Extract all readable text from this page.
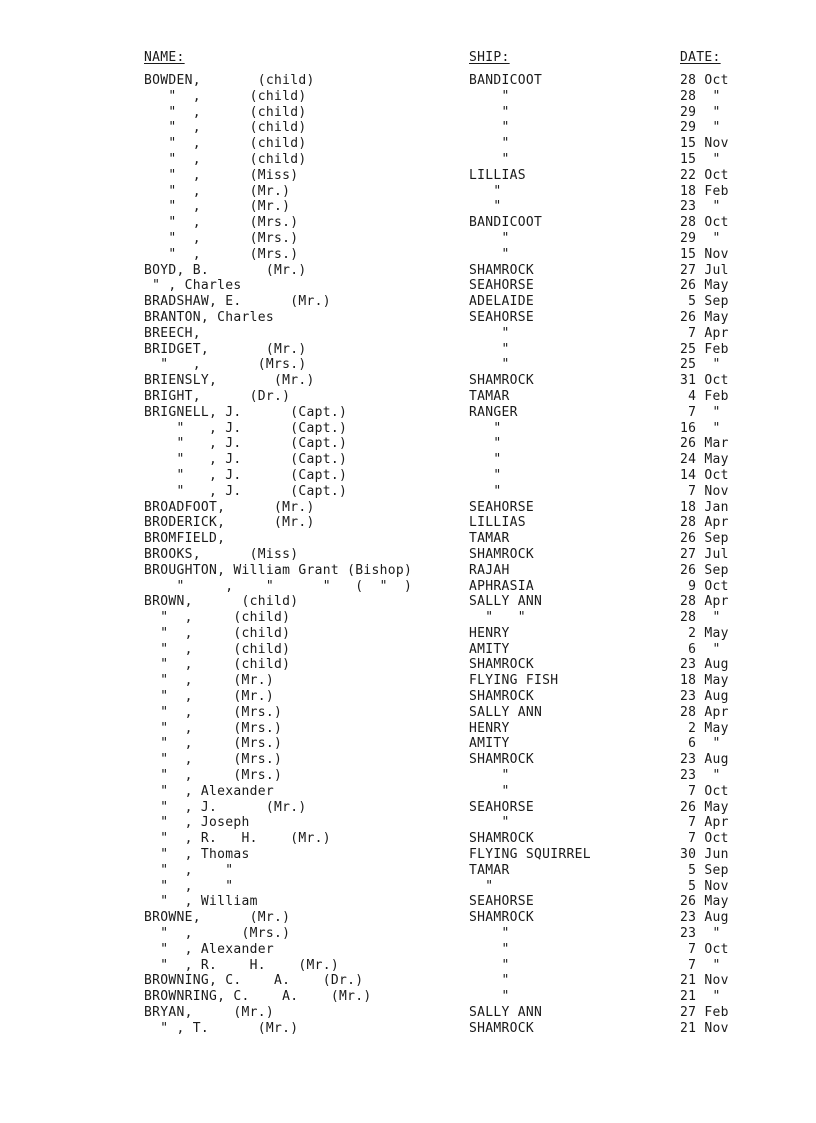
NAME:	SHIP:	DATE:
BOWDEN,       (child)	BANDICOOT	28 Oct
"  ,      (child)	"	28  "
"  ,      (child)	"	29  "
"  ,      (child)	"	29  "
"  ,      (child)	"	15 Nov
"  ,      (child)	"	15  "
"  ,      (Miss)	LILLIAS	22 Oct
"  ,      (Mr.)	"	18 Feb
"  ,      (Mr.)	"	23  "
"  ,      (Mrs.)	BANDICOOT	28 Oct
"  ,      (Mrs.)	"	29  "
"  ,      (Mrs.)	"	15 Nov
BOYD, B.       (Mr.)	SHAMROCK	27 Jul
" , Charles	SEAHORSE	26 May
BRADSHAW, E.      (Mr.)	ADELAIDE	5 Sep
BRANTON, Charles	SEAHORSE	26 May
BREECH,	"	7 Apr
BRIDGET,       (Mr.)	"	25 Feb
"   ,       (Mrs.)	"	25  "
BRIENSLY,       (Mr.)	SHAMROCK	31 Oct
BRIGHT,      (Dr.)	TAMAR	4 Feb
BRIGNELL, J.      (Capt.)	RANGER	7  "
"   , J.      (Capt.)	"	16  "
"   , J.      (Capt.)	"	26 Mar
"   , J.      (Capt.)	"	24 May
"   , J.      (Capt.)	"	14 Oct
"   , J.      (Capt.)	"	7 Nov
BROADFOOT,      (Mr.)	SEAHORSE	18 Jan
BRODERICK,      (Mr.)	LILLIAS	28 Apr
BROMFIELD,	TAMAR	26 Sep
BROOKS,      (Miss)	SHAMROCK	27 Jul
BROUGHTON, William Grant (Bishop)	RAJAH	26 Sep
"     ,    "      "   (  "  )	APHRASIA	9 Oct
BROWN,      (child)	SALLY ANN	28 Apr
"  ,     (child)	"   "	28  "
"  ,     (child)	HENRY	2 May
"  ,     (child)	AMITY	6  "
"  ,     (child)	SHAMROCK	23 Aug
"  ,     (Mr.)	FLYING FISH	18 May
"  ,     (Mr.)	SHAMROCK	23 Aug
"  ,     (Mrs.)	SALLY ANN	28 Apr
"  ,     (Mrs.)	HENRY	2 May
"  ,     (Mrs.)	AMITY	6  "
"  ,     (Mrs.)	SHAMROCK	23 Aug
"  ,     (Mrs.)	"	23  "
"  , Alexander	"	7 Oct
"  , J.      (Mr.)	SEAHORSE	26 May
"  , Joseph	"	7 Apr
"  , R.   H.    (Mr.)	SHAMROCK	7 Oct
"  , Thomas	FLYING SQUIRREL	30 Jun
"  ,    "	TAMAR	5 Sep
"  ,    "	"	5 Nov
"  , William	SEAHORSE	26 May
BROWNE,      (Mr.)	SHAMROCK	23 Aug
"  ,      (Mrs.)	"	23  "
"  , Alexander	"	7 Oct
"  , R.    H.    (Mr.)	"	7  "
BROWNING, C.    A.    (Dr.)	"	21 Nov
BROWNRING, C.    A.    (Mr.)	"	21  "
BRYAN,     (Mr.)	SALLY ANN	27 Feb
" , T.      (Mr.)	SHAMROCK	21 Nov
